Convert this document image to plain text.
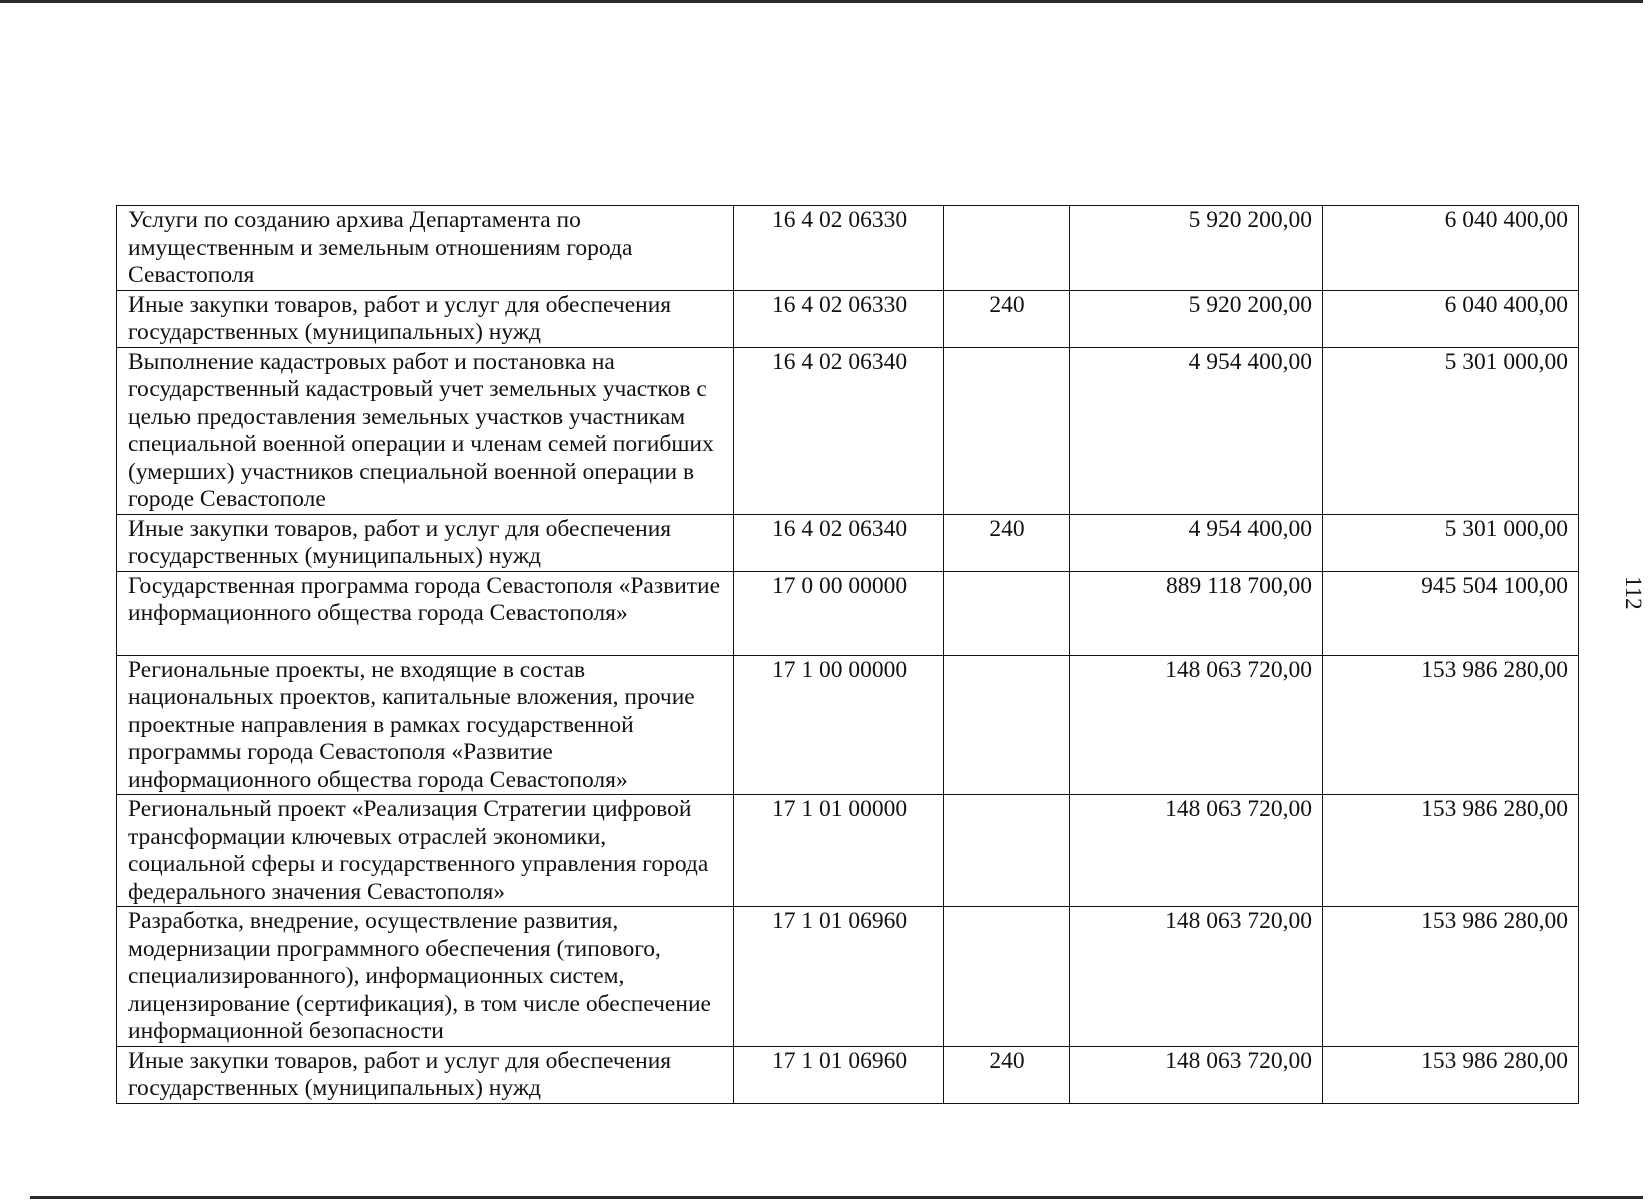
112
Услуги по созданию архива Департамента по имущественным и земельным отношениям города Севастополя	16 4 02 06330		5 920 200,00	6 040 400,00
Иные закупки товаров, работ и услуг для обеспечения государственных (муниципальных) нужд	16 4 02 06330	240	5 920 200,00	6 040 400,00
Выполнение кадастровых работ и постановка на государственный кадастровый учет земельных участков с целью предоставления земельных участков участникам специальной военной операции и членам семей погибших (умерших) участников специальной военной операции в городе Севастополе	16 4 02 06340		4 954 400,00	5 301 000,00
Иные закупки товаров, работ и услуг для обеспечения государственных (муниципальных) нужд	16 4 02 06340	240	4 954 400,00	5 301 000,00
Государственная программа города Севастополя «Развитие информационного общества города Севастополя»	17 0 00 00000		889 118 700,00	945 504 100,00
Региональные проекты, не входящие в состав национальных проектов, капитальные вложения, прочие проектные направления в рамках государственной программы города Севастополя «Развитие информационного общества города Севастополя»	17 1 00 00000		148 063 720,00	153 986 280,00
Региональный проект «Реализация Стратегии цифровой трансформации ключевых отраслей экономики, социальной сферы и государственного управления города федерального значения Севастополя»	17 1 01 00000		148 063 720,00	153 986 280,00
Разработка, внедрение, осуществление развития, модернизации программного обеспечения (типового, специализированного), информационных систем, лицензирование (сертификация), в том числе обеспечение информационной безопасности	17 1 01 06960		148 063 720,00	153 986 280,00
Иные закупки товаров, работ и услуг для обеспечения государственных (муниципальных) нужд	17 1 01 06960	240	148 063 720,00	153 986 280,00
